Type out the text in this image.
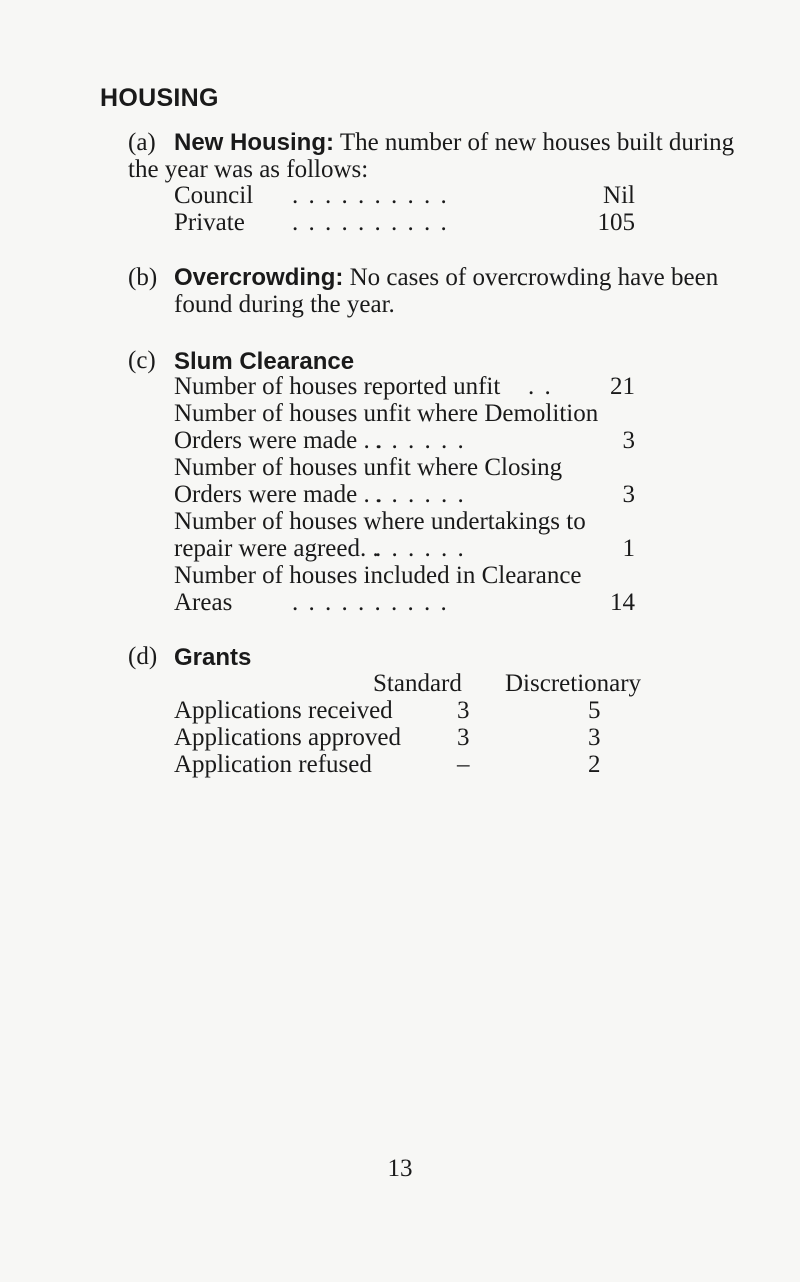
HOUSING
(a) New Housing: The number of new houses built during
the year was as follows:
Council . . . . . . . . . .	Nil
Private . . . . . . . . . .	105
(b) Overcrowding: No cases of overcrowding have been
found during the year.
(c) Slum Clearance
Number of houses reported unfit . .	21
Number of houses unfit where Demolition
Orders were made . .
. . . . . .	3
Number of houses unfit where Closing
Orders were made . .
. . . . . .	3
Number of houses where undertakings to
repair were agreed. .
. . . . . .	1
Number of houses included in Clearance
Areas . . . . . . . . . .	14
(d) Grants
Standard Discretionary
Applications received	3	5
Applications approved 3	3
Application refused	–	2
13
